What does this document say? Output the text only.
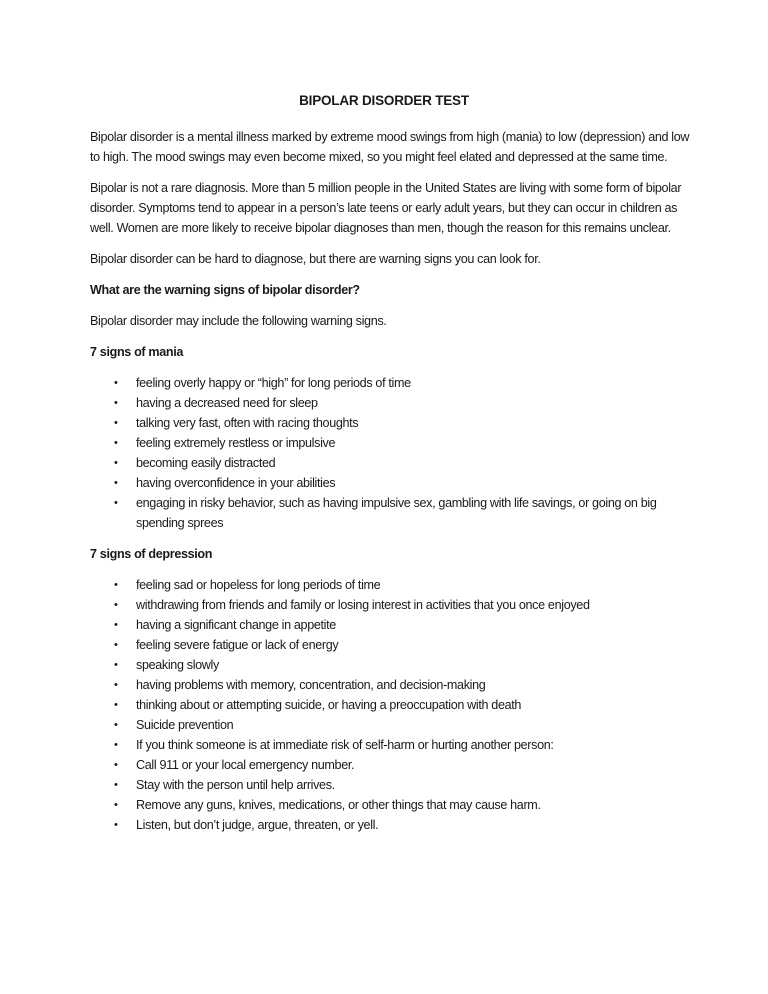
BIPOLAR DISORDER TEST

Bipolar disorder is a mental illness marked by extreme mood swings from high (mania) to low (depression) and low to high. The mood swings may even become mixed, so you might feel elated and depressed at the same time.

Bipolar is not a rare diagnosis. More than 5 million people in the United States are living with some form of bipolar disorder. Symptoms tend to appear in a person’s late teens or early adult years, but they can occur in children as well. Women are more likely to receive bipolar diagnoses than men, though the reason for this remains unclear.

Bipolar disorder can be hard to diagnose, but there are warning signs you can look for.

What are the warning signs of bipolar disorder?

Bipolar disorder may include the following warning signs.

7 signs of mania

• feeling overly happy or “high” for long periods of time
• having a decreased need for sleep
• talking very fast, often with racing thoughts
• feeling extremely restless or impulsive
• becoming easily distracted
• having overconfidence in your abilities
• engaging in risky behavior, such as having impulsive sex, gambling with life savings, or going on big spending sprees

7 signs of depression

• feeling sad or hopeless for long periods of time
• withdrawing from friends and family or losing interest in activities that you once enjoyed
• having a significant change in appetite
• feeling severe fatigue or lack of energy
• speaking slowly
• having problems with memory, concentration, and decision-making
• thinking about or attempting suicide, or having a preoccupation with death
• Suicide prevention
• If you think someone is at immediate risk of self-harm or hurting another person:
• Call 911 or your local emergency number.
• Stay with the person until help arrives.
• Remove any guns, knives, medications, or other things that may cause harm.
• Listen, but don’t judge, argue, threaten, or yell.
